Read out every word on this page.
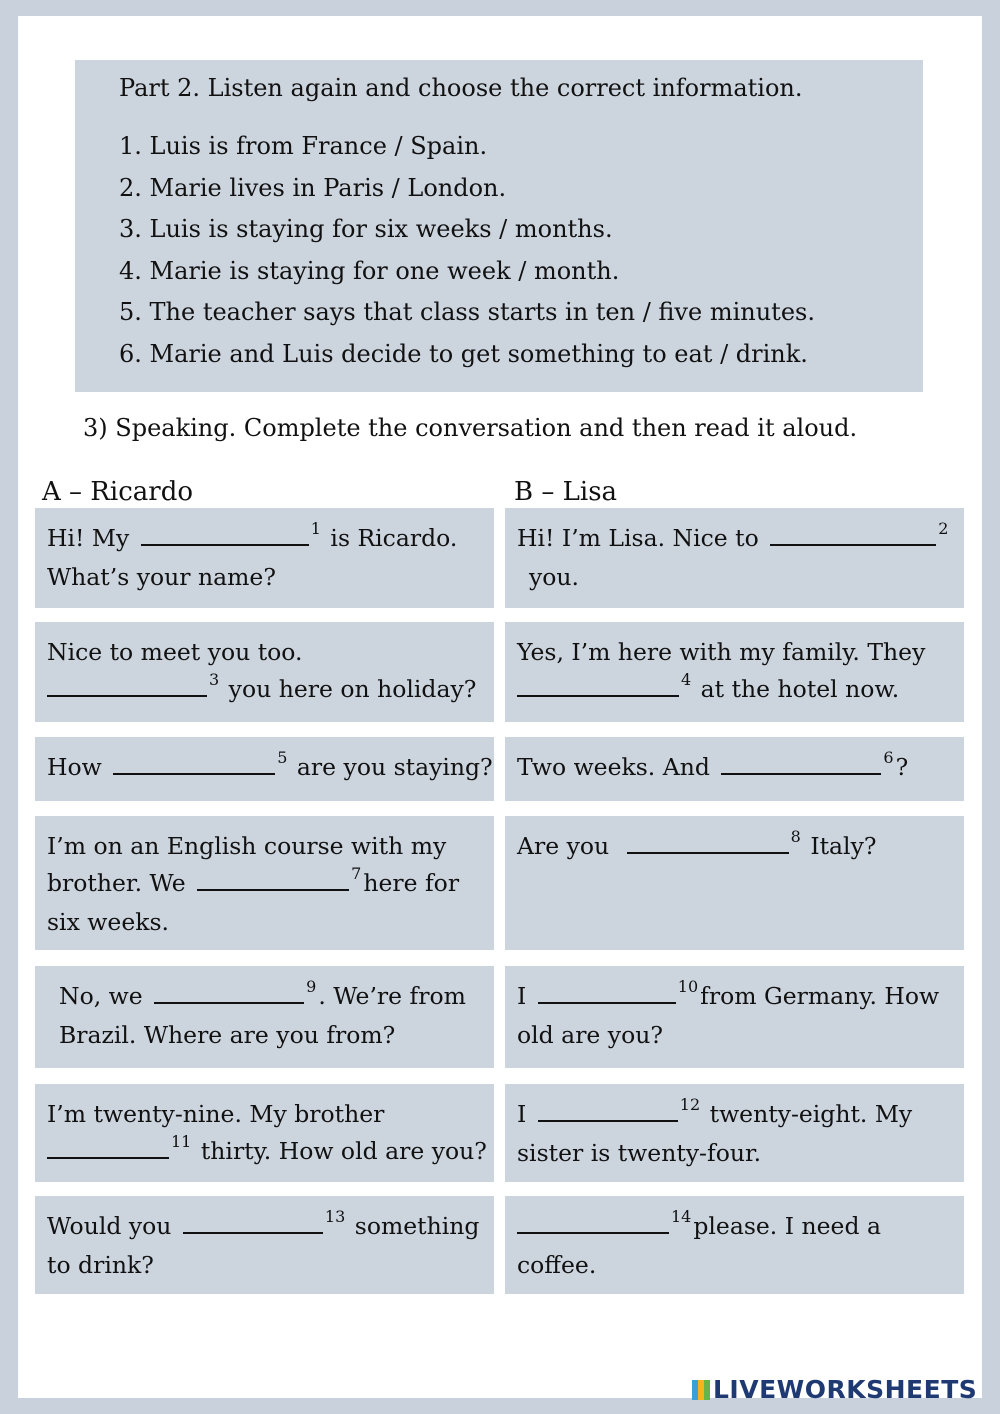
Part 2. Listen again and choose the correct information.
1. Luis is from France / Spain.
2. Marie lives in Paris / London.
3. Luis is staying for six weeks / months.
4. Marie is staying for one week / month.
5. The teacher says that class starts in ten / five minutes.
6. Marie and Luis decide to get something to eat / drink.
3) Speaking. Complete the conversation and then read it aloud.
A – Ricardo	B – Lisa
Hi! My	$^1$ is Ricardo.
What’s your name?
Hi! I’m Lisa. Nice to	$^2$
you.
Nice to meet you too.
$^3$ you here on holiday?
Yes, I’m here with my family. They
$^4$ at the hotel now.
How	$^5$ are you staying? Two weeks. And	$^6$?
I’m on an English course with my
brother. We	$^7$here for
six weeks.
Are you	$^8$ Italy?
No, we	$^9$. We’re from
Brazil. Where are you from?
I	$^{10}$from Germany. How
old are you?
I’m twenty-nine. My brother
$^{11}$ thirty. How old are you?
I	$^{12}$ twenty-eight. My
sister is twenty-four.
Would you	$^{13}$ something
to drink?
$^{14}$please. I need a
coffee.
LIVEWORKSHEETS
